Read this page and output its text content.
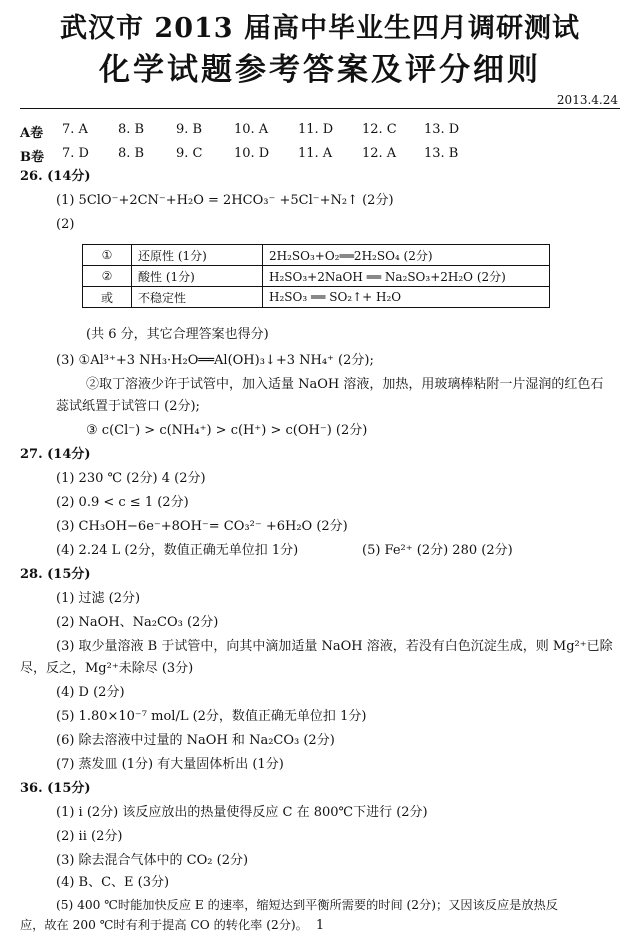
武汉市 2013 届高中毕业生四月调研测试
化学试题参考答案及评分细则
2013.4.24
A卷 7. A 8. B 9. B 10. A 11. D 12. C 13. D
B卷 7. D 8. B 9. C 10. D 11. A 12. A 13. B
26. (14分)
(1) 5ClO⁻+2CN⁻+H₂O = 2HCO₃⁻ +5Cl⁻+N₂↑ (2分)
(2)
①	还原性 (1分)	2H₂SO₃+O₂══2H₂SO₄ (2分)
②	酸性 (1分)	H₂SO₃+2NaOH ══ Na₂SO₃+2H₂O (2分)
或	不稳定性	H₂SO₃ ══ SO₂↑+ H₂O
(共 6 分，其它合理答案也得分)
(3) ①Al³⁺+3 NH₃·H₂O══Al(OH)₃↓+3 NH₄⁺ (2分);
②取丁溶液少许于试管中，加入适量 NaOH 溶液，加热，用玻璃棒粘附一片湿润的红色石
蕊试纸置于试管口 (2分);
③ c(Cl⁻) > c(NH₄⁺) > c(H⁺) > c(OH⁻) (2分)
27. (14分)
(1) 230 ℃ (2分) 4 (2分)
(2) 0.9 < c ≤ 1 (2分)
(3) CH₃OH−6e⁻+8OH⁻= CO₃²⁻ +6H₂O (2分)
(4) 2.24 L (2分，数值正确无单位扣 1分)	(5) Fe²⁺ (2分) 280 (2分)
28. (15分)
(1) 过滤 (2分)
(2) NaOH、Na₂CO₃ (2分)
(3) 取少量溶液 B 于试管中，向其中滴加适量 NaOH 溶液，若没有白色沉淀生成，则 Mg²⁺已除
尽，反之，Mg²⁺未除尽 (3分)
(4) D (2分)
(5) 1.80×10⁻⁷ mol/L (2分，数值正确无单位扣 1分)
(6) 除去溶液中过量的 NaOH 和 Na₂CO₃ (2分)
(7) 蒸发皿 (1分) 有大量固体析出 (1分)
36. (15分)
(1) i (2分) 该反应放出的热量使得反应 C 在 800℃下进行 (2分)
(2) ii (2分)
(3) 除去混合气体中的 CO₂ (2分)
(4) B、C、E (3分)
(5) 400 ℃时能加快反应 E 的速率，缩短达到平衡所需要的时间 (2分)；又因该反应是放热反
应，故在 200 ℃时有利于提高 CO 的转化率 (2分)。 1
